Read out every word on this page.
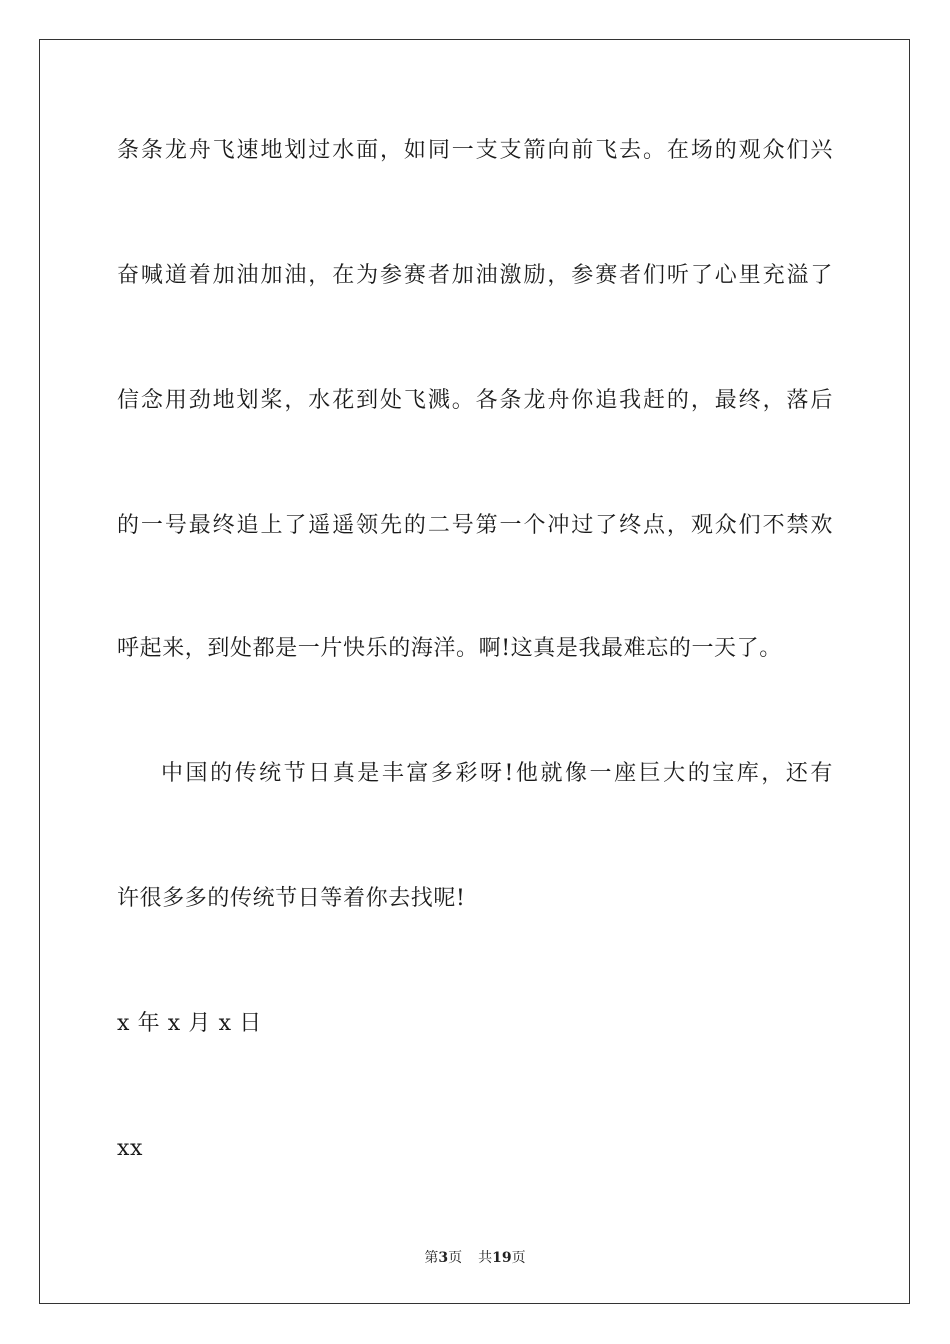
条条龙舟飞速地划过水面，如同一支支箭向前飞去。在场的观众们兴
奋喊道着加油加油，在为参赛者加油激励，参赛者们听了心里充溢了
信念用劲地划桨，水花到处飞溅。各条龙舟你追我赶的，最终，落后
的一号最终追上了遥遥领先的二号第一个冲过了终点，观众们不禁欢
呼起来，到处都是一片快乐的海洋。啊!这真是我最难忘的一天了。
中国的传统节日真是丰富多彩呀!他就像一座巨大的宝库，还有
许很多多的传统节日等着你去找呢!
x 年 x 月 x 日
xx
第3页 共19页
